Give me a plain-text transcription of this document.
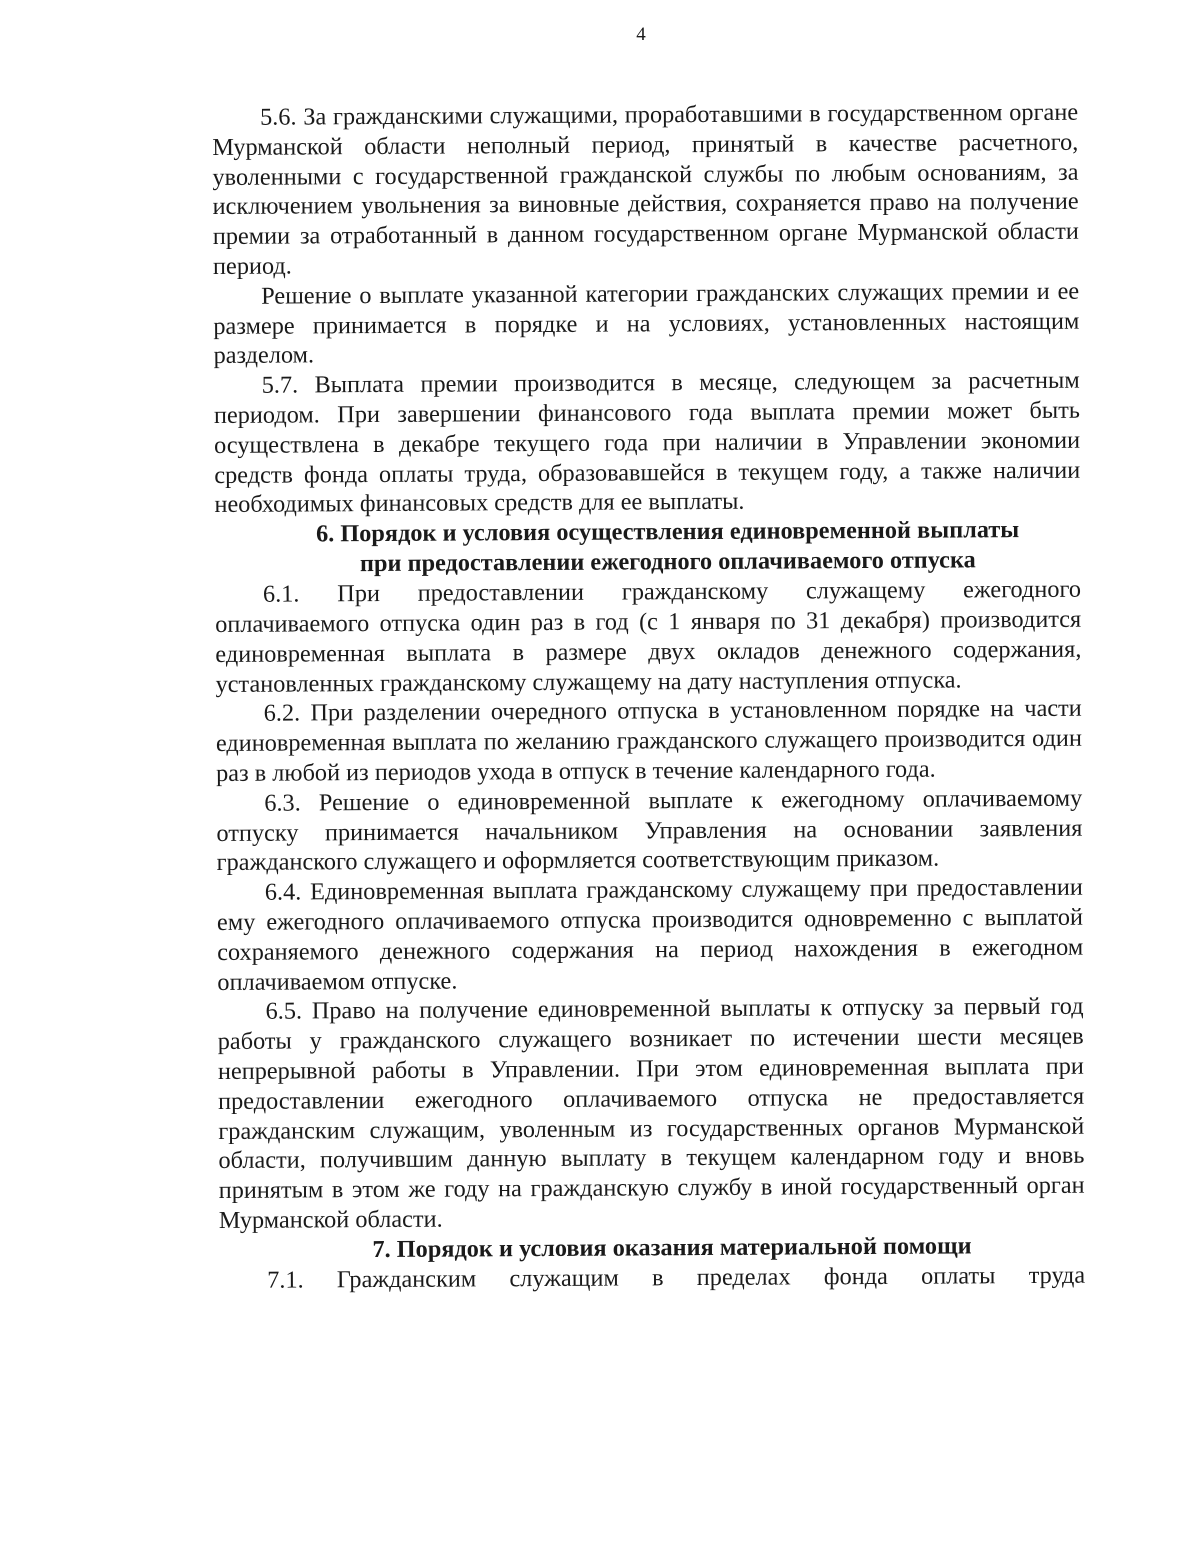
4

5.6. За гражданскими служащими, проработавшими в государственном органе Мурманской области неполный период, принятый в качестве расчетного, уволенными с государственной гражданской службы по любым основаниям, за исключением увольнения за виновные действия, сохраняется право на получение премии за отработанный в данном государственном органе Мурманской области период.

Решение о выплате указанной категории гражданских служащих премии и ее размере принимается в порядке и на условиях, установленных настоящим разделом.

5.7. Выплата премии производится в месяце, следующем за расчетным периодом. При завершении финансового года выплата премии может быть осуществлена в декабре текущего года при наличии в Управлении экономии средств фонда оплаты труда, образовавшейся в текущем году, а также наличии необходимых финансовых средств для ее выплаты.

6. Порядок и условия осуществления единовременной выплаты
при предоставлении ежегодного оплачиваемого отпуска

6.1. При предоставлении гражданскому служащему ежегодного оплачиваемого отпуска один раз в год (с 1 января по 31 декабря) производится единовременная выплата в размере двух окладов денежного содержания, установленных гражданскому служащему на дату наступления отпуска.

6.2. При разделении очередного отпуска в установленном порядке на части единовременная выплата по желанию гражданского служащего производится один раз в любой из периодов ухода в отпуск в течение календарного года.

6.3. Решение о единовременной выплате к ежегодному оплачиваемому отпуску принимается начальником Управления на основании заявления гражданского служащего и оформляется соответствующим приказом.

6.4. Единовременная выплата гражданскому служащему при предоставлении ему ежегодного оплачиваемого отпуска производится одновременно с выплатой сохраняемого денежного содержания на период нахождения в ежегодном оплачиваемом отпуске.

6.5. Право на получение единовременной выплаты к отпуску за первый год работы у гражданского служащего возникает по истечении шести месяцев непрерывной работы в Управлении. При этом единовременная выплата при предоставлении ежегодного оплачиваемого отпуска не предоставляется гражданским служащим, уволенным из государственных органов Мурманской области, получившим данную выплату в текущем календарном году и вновь принятым в этом же году на гражданскую службу в иной государственный орган Мурманской области.

7. Порядок и условия оказания материальной помощи

7.1. Гражданским служащим в пределах фонда оплаты труда
